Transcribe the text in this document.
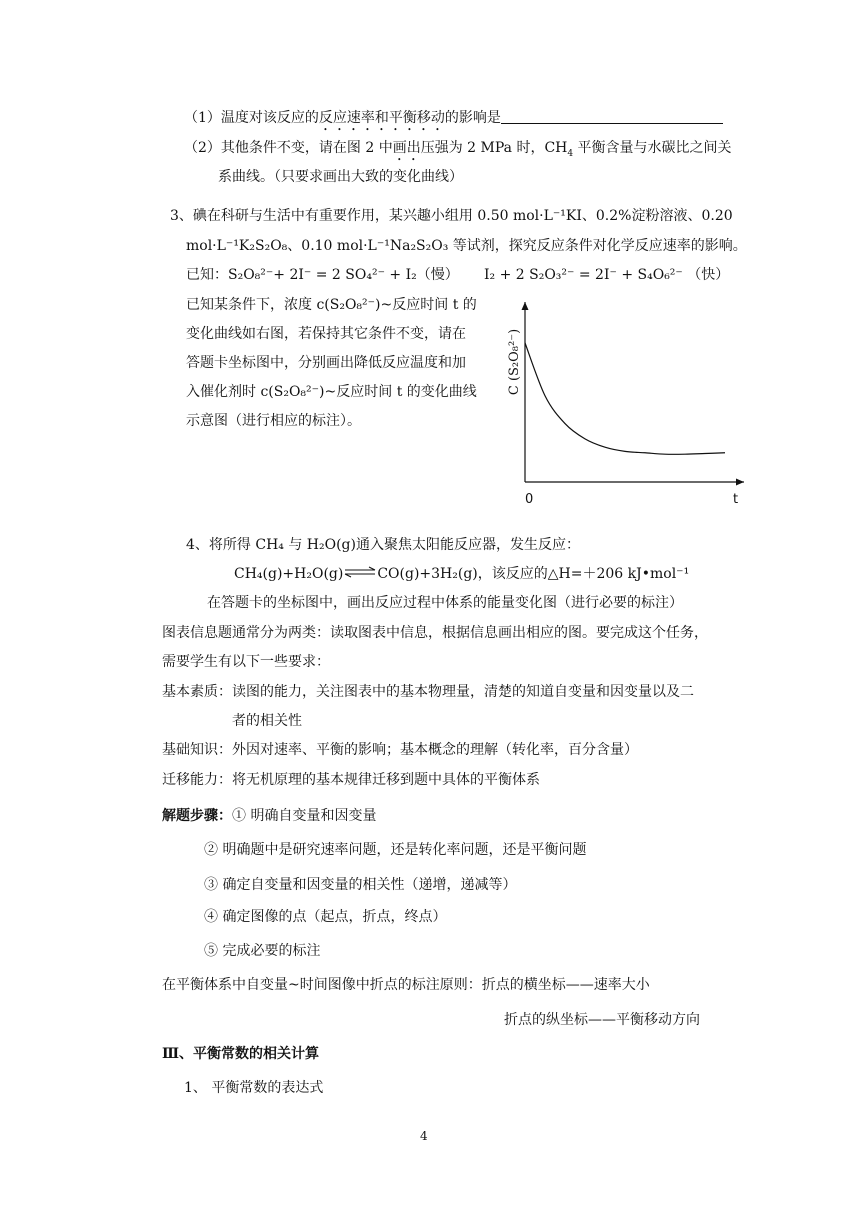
（1）温度对该反应的反应速率和平衡移动的影响是
（2）其他条件不变，请在图 2 中画出压强为 2 MPa 时，$CH_4$ 平衡含量与水碳比之间关
系曲线。（只要求画出大致的变化曲线）
3、碘在科研与生活中有重要作用，某兴趣小组用 0.50 mol·L⁻¹KI、0.2%淀粉溶液、0.20
mol·L⁻¹K₂S₂O₈、0.10 mol·L⁻¹Na₂S₂O₃ 等试剂，探究反应条件对化学反应速率的影响。
已知：S₂O₈²⁻+ 2I⁻ = 2 SO₄²⁻ + I₂（慢） I₂ + 2 S₂O₃²⁻ = 2I⁻ + S₄O₆²⁻ （快）
已知某条件下，浓度 c(S₂O₈²⁻)~反应时间 t 的
变化曲线如右图，若保持其它条件不变，请在
答题卡坐标图中，分别画出降低反应温度和加
入催化剂时 c(S₂O₈²⁻)~反应时间 t 的变化曲线
示意图（进行相应的标注）。
C (S₂O₈²⁻)
t
0
4、将所得 CH₄ 与 H₂O(g)通入聚焦太阳能反应器，发生反应：
CH₄(g)+H₂O(g)⇌CO(g)+3H₂(g)，该反应的△H=＋206 kJ•mol⁻¹
在答题卡的坐标图中，画出反应过程中体系的能量变化图（进行必要的标注）
图表信息题通常分为两类：读取图表中信息，根据信息画出相应的图。要完成这个任务，
需要学生有以下一些要求：
基本素质：读图的能力，关注图表中的基本物理量，清楚的知道自变量和因变量以及二
者的相关性
基础知识：外因对速率、平衡的影响；基本概念的理解（转化率，百分含量）
迁移能力：将无机原理的基本规律迁移到题中具体的平衡体系
解题步骤： ① 明确自变量和因变量
② 明确题中是研究速率问题，还是转化率问题，还是平衡问题
③ 确定自变量和因变量的相关性（递增，递减等）
④ 确定图像的点（起点，折点，终点）
⑤ 完成必要的标注
在平衡体系中自变量~时间图像中折点的标注原则：折点的横坐标——速率大小
折点的纵坐标——平衡移动方向
Ⅲ、平衡常数的相关计算
1、 平衡常数的表达式
4
